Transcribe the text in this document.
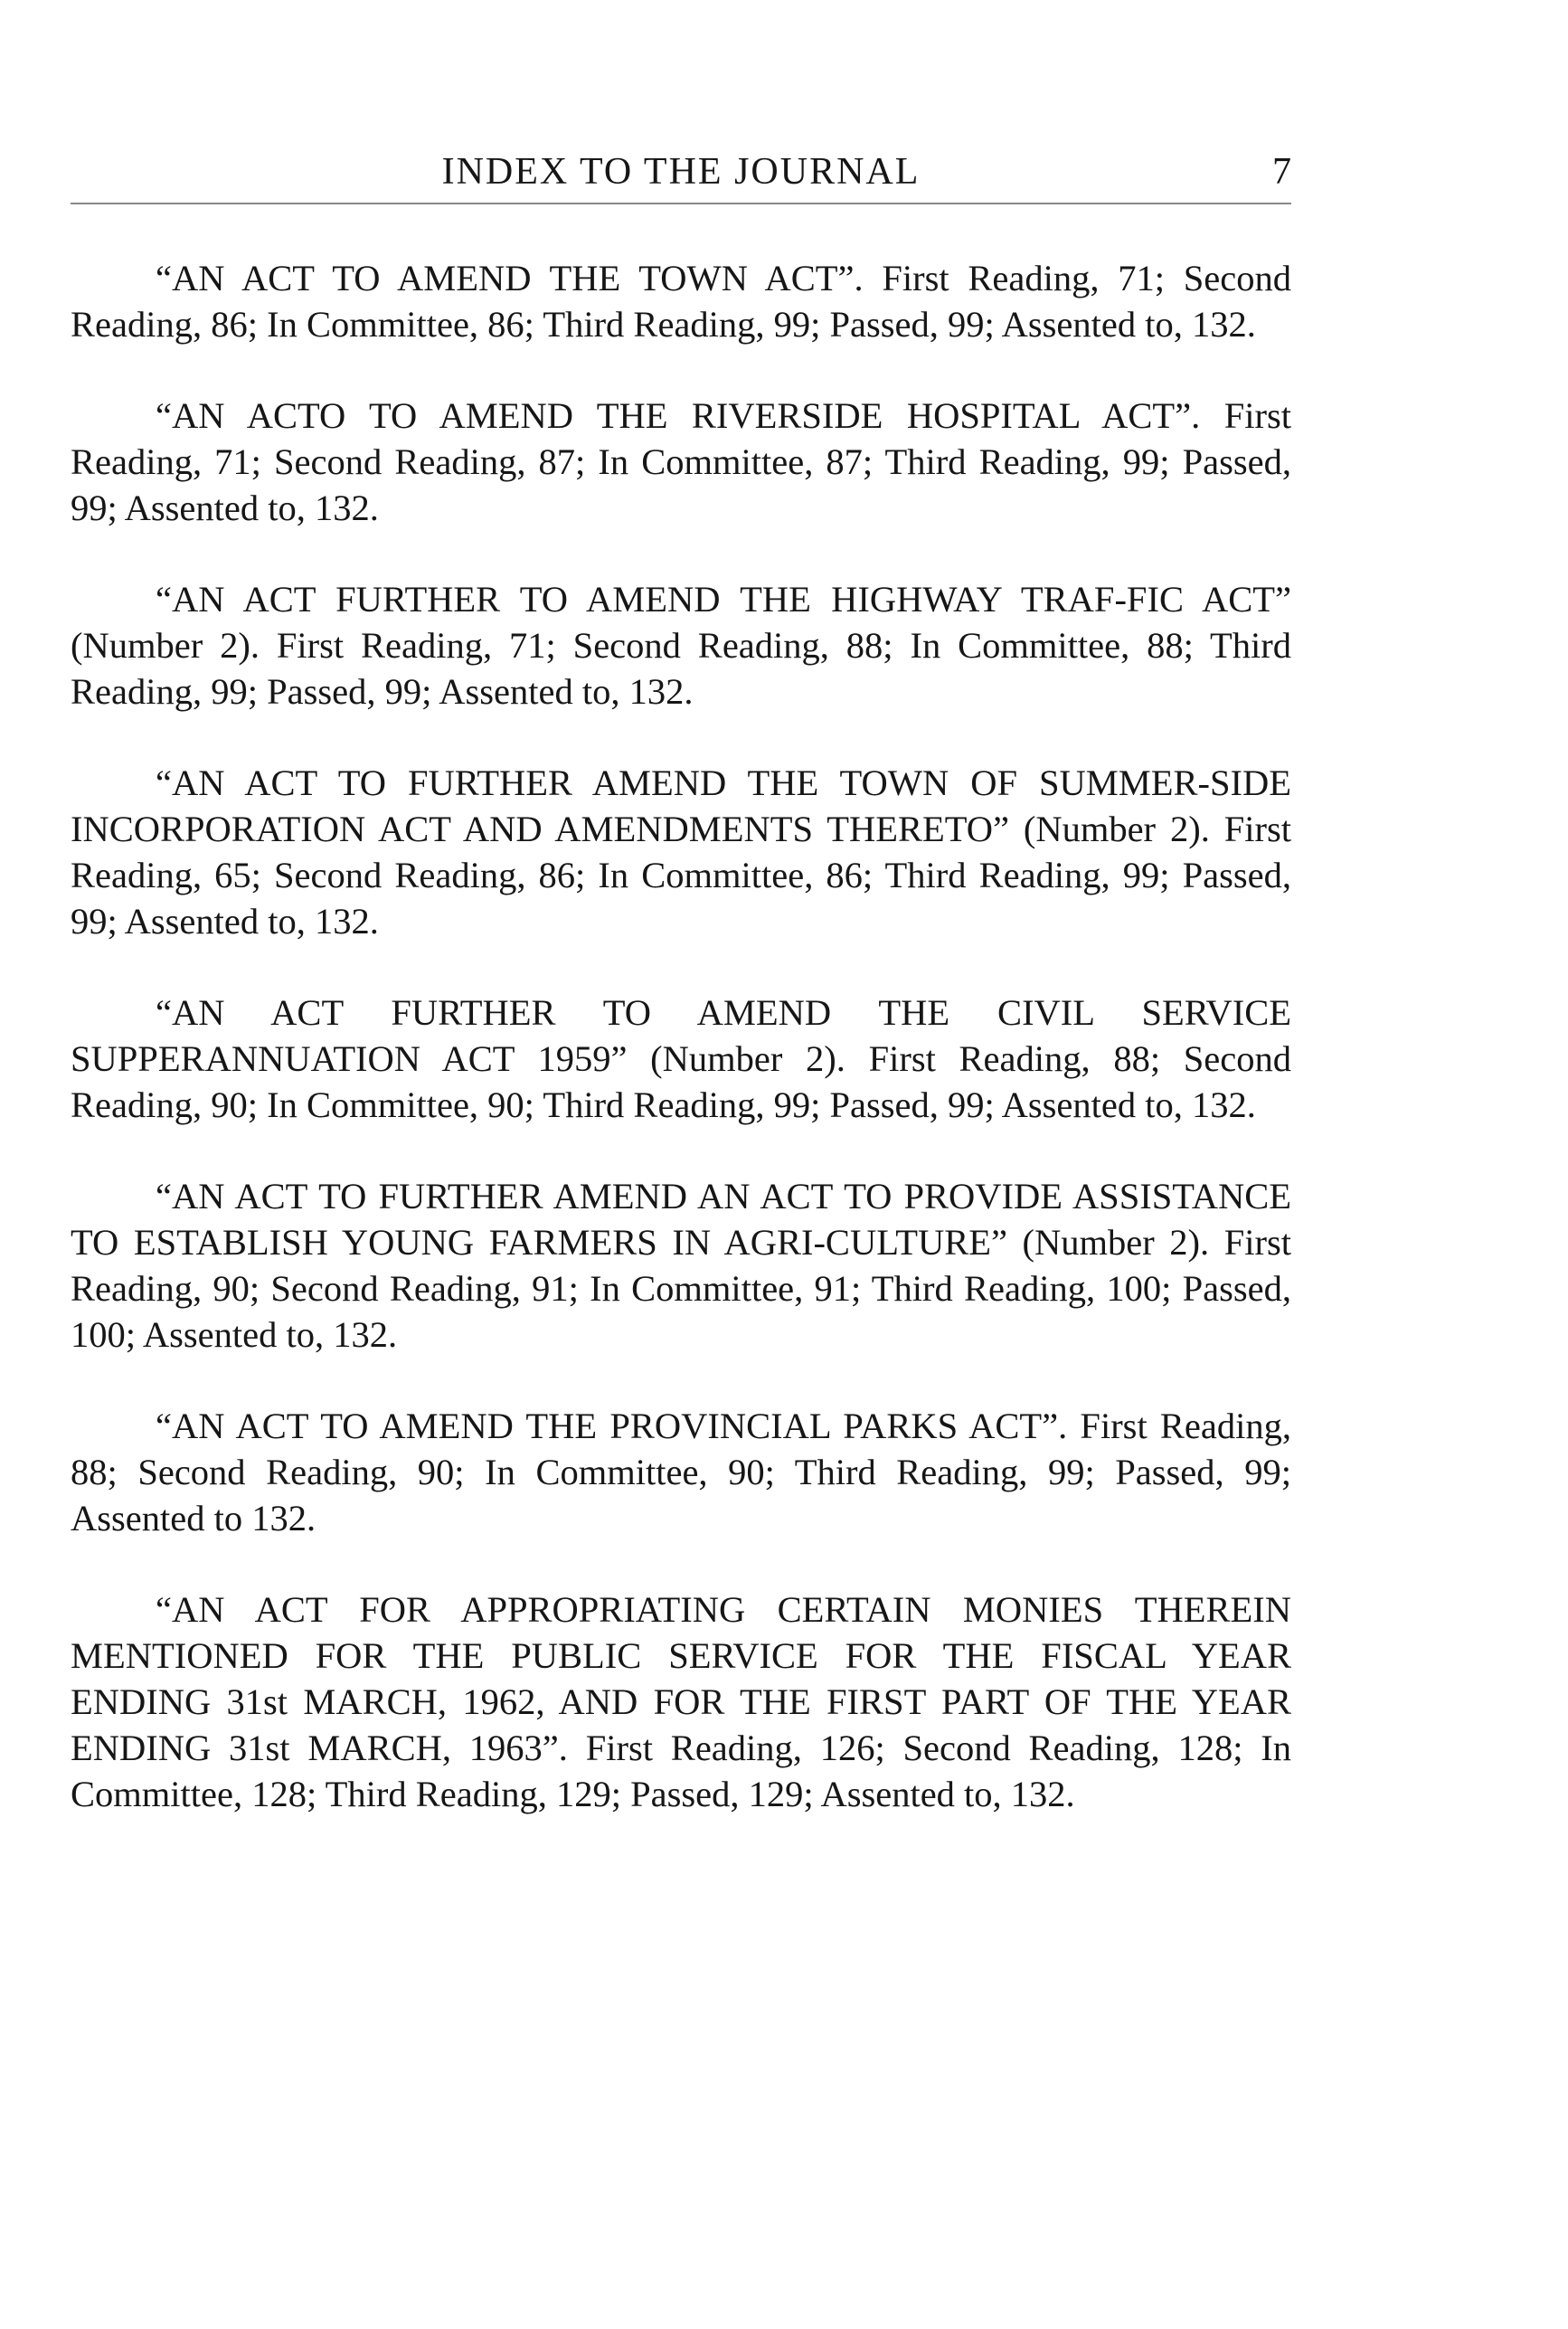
INDEX TO THE JOURNAL	7

“AN ACT TO AMEND THE TOWN ACT”. First Reading, 71; Second Reading, 86; In Committee, 86; Third Reading, 99; Passed, 99; Assented to, 132.

“AN ACTO TO AMEND THE RIVERSIDE HOSPITAL ACT”. First Reading, 71; Second Reading, 87; In Committee, 87; Third Reading, 99; Passed, 99; Assented to, 132.

“AN ACT FURTHER TO AMEND THE HIGHWAY TRAF-FIC ACT” (Number 2). First Reading, 71; Second Reading, 88; In Committee, 88; Third Reading, 99; Passed, 99; Assented to, 132.

“AN ACT TO FURTHER AMEND THE TOWN OF SUMMER-SIDE INCORPORATION ACT AND AMENDMENTS THERETO” (Number 2). First Reading, 65; Second Reading, 86; In Committee, 86; Third Reading, 99; Passed, 99; Assented to, 132.

“AN ACT FURTHER TO AMEND THE CIVIL SERVICE SUPPERANNUATION ACT 1959” (Number 2). First Reading, 88; Second Reading, 90; In Committee, 90; Third Reading, 99; Passed, 99; Assented to, 132.

“AN ACT TO FURTHER AMEND AN ACT TO PROVIDE ASSISTANCE TO ESTABLISH YOUNG FARMERS IN AGRI-CULTURE” (Number 2). First Reading, 90; Second Reading, 91; In Committee, 91; Third Reading, 100; Passed, 100; Assented to, 132.

“AN ACT TO AMEND THE PROVINCIAL PARKS ACT”. First Reading, 88; Second Reading, 90; In Committee, 90; Third Reading, 99; Passed, 99; Assented to 132.

“AN ACT FOR APPROPRIATING CERTAIN MONIES THEREIN MENTIONED FOR THE PUBLIC SERVICE FOR THE FISCAL YEAR ENDING 31st MARCH, 1962, AND FOR THE FIRST PART OF THE YEAR ENDING 31st MARCH, 1963”. First Reading, 126; Second Reading, 128; In Committee, 128; Third Reading, 129; Passed, 129; Assented to, 132.
